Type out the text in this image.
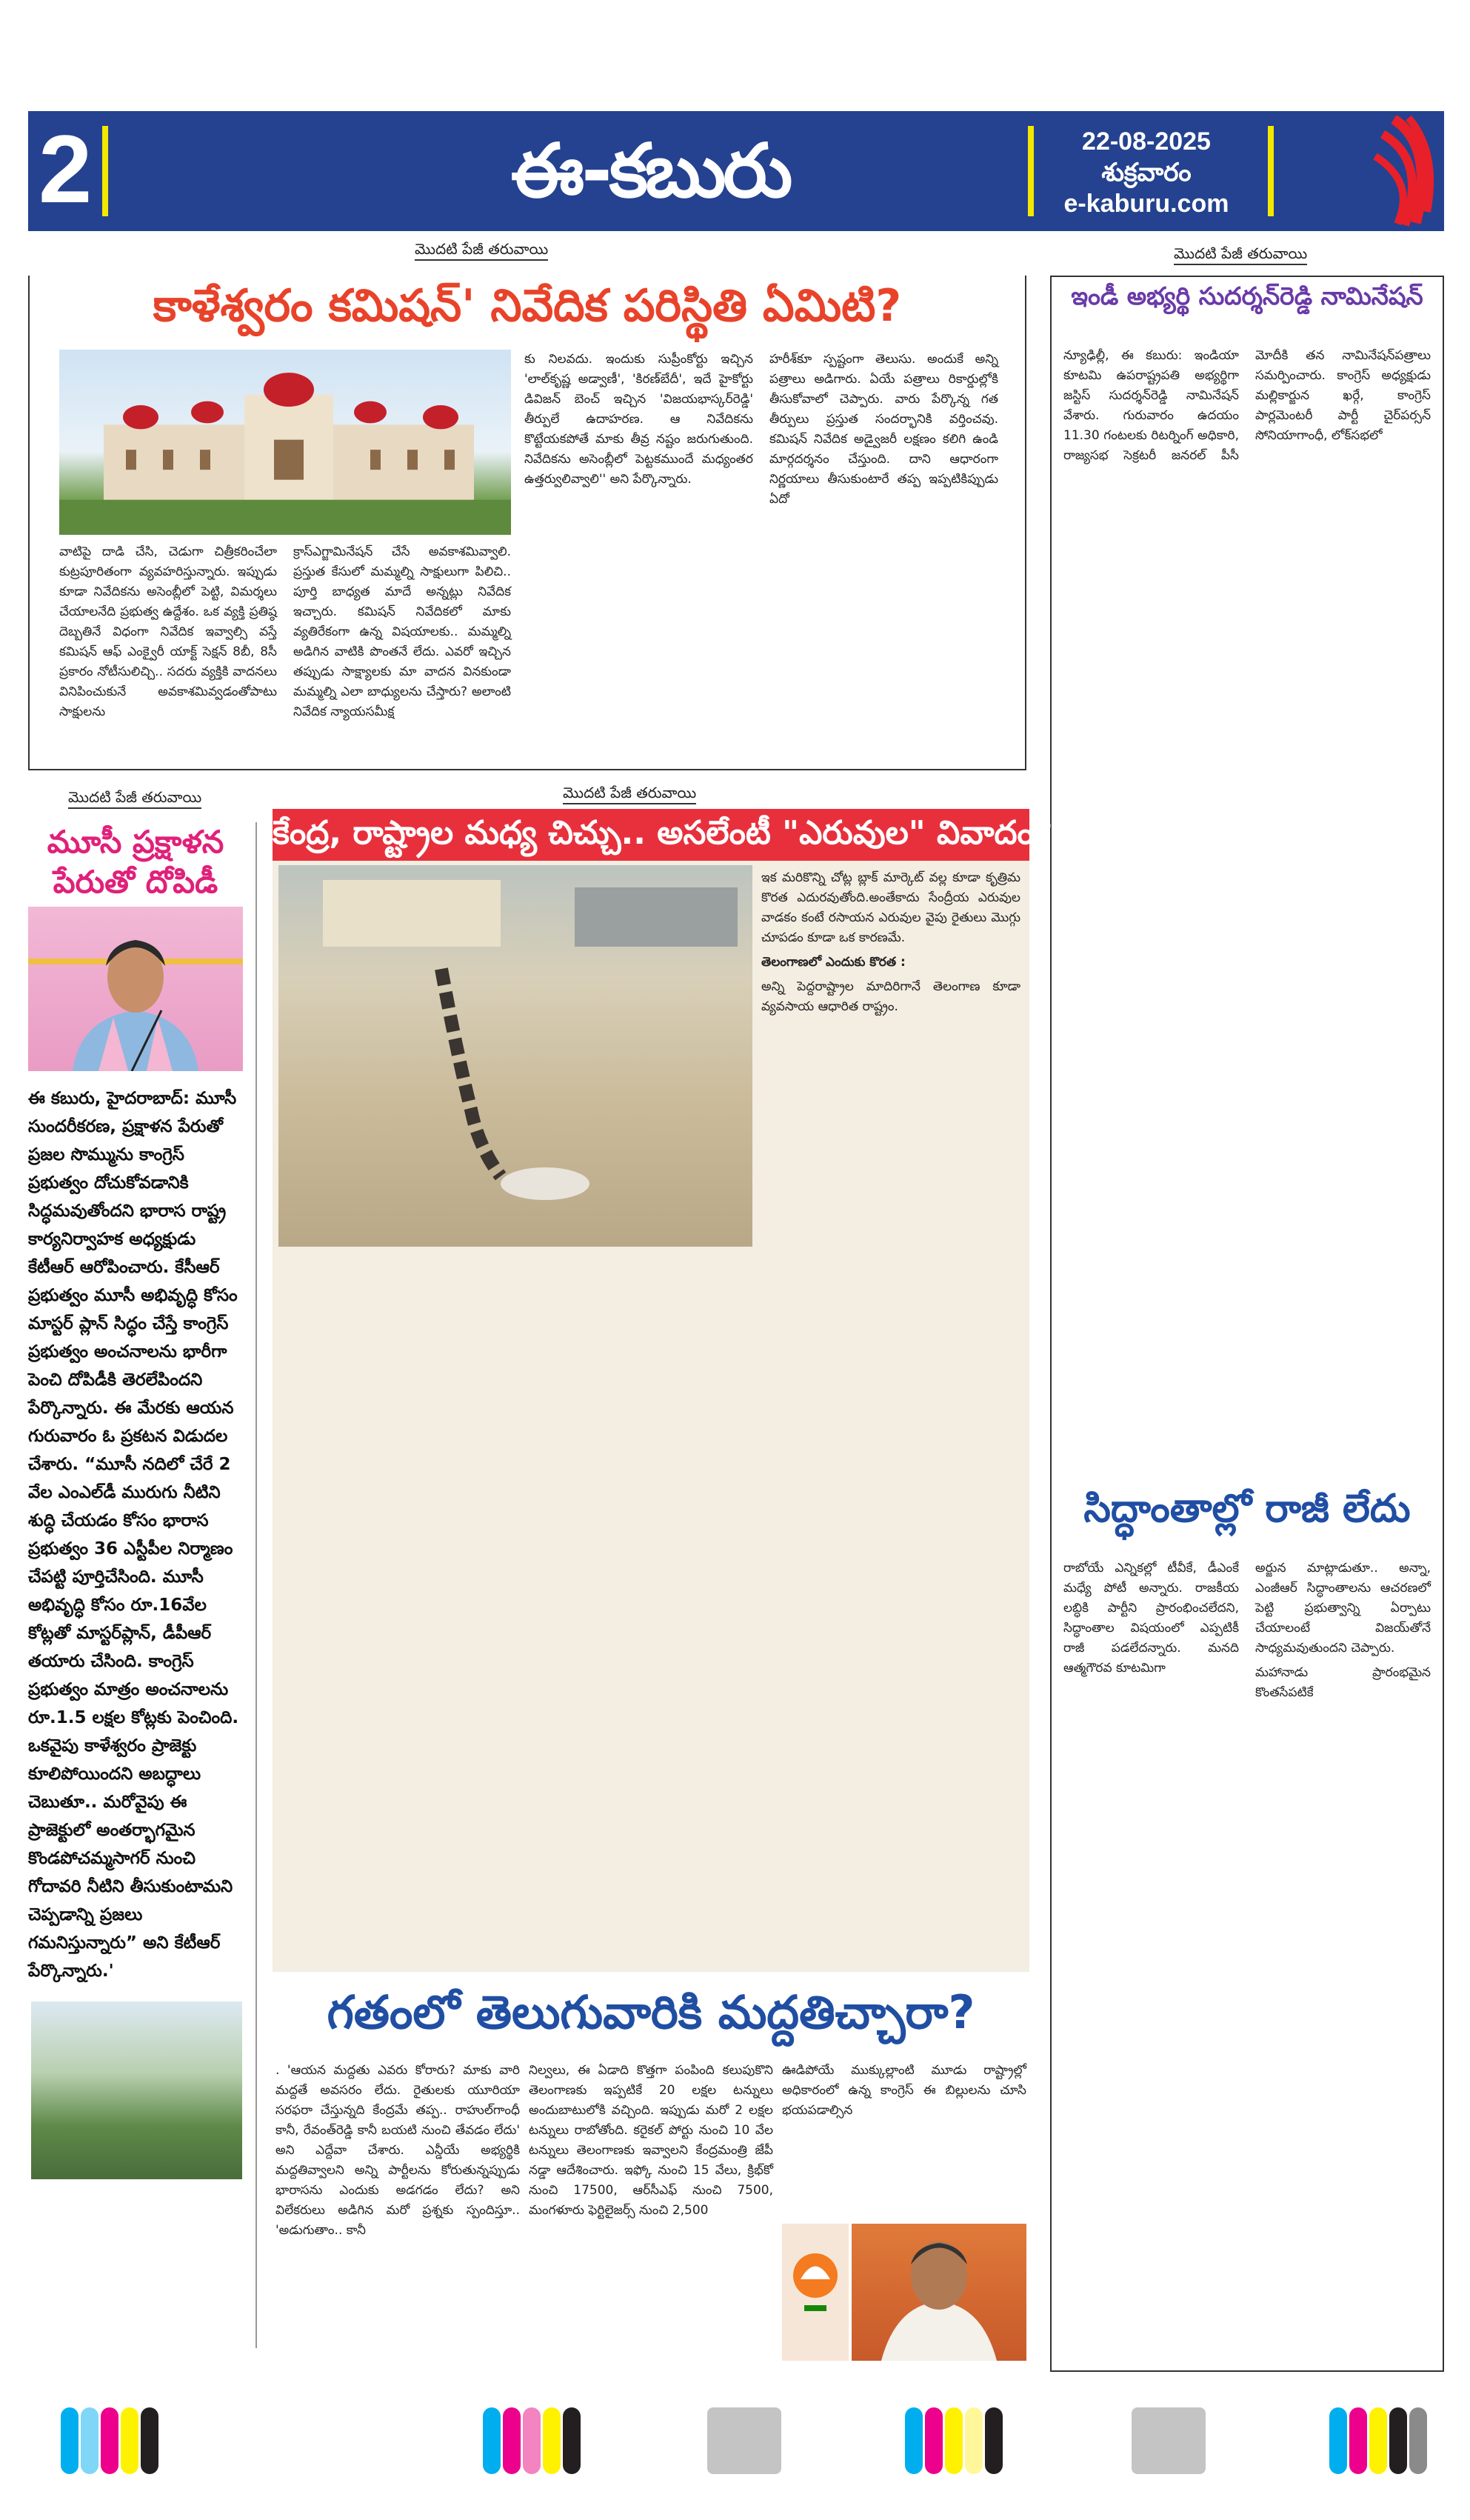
2	ఈ-కబురు	22-08-2025
శుక్రవారం
e-kaburu.com
మొదటి పేజీ తరువాయి	మొదటి పేజీ తరువాయి
కాళేశ్వరం కమిషన్' నివేదిక పరిస్థితి ఏమిటి?

వాటిపై దాడి చేసి, చెడుగా చిత్రీకరించేలా కుట్రపూరితంగా వ్యవహరిస్తున్నారు. ఇప్పుడు కూడా నివేదికను అసెంబ్లీలో పెట్టి, విమర్శలు చేయాలనేది ప్రభుత్వ ఉద్దేశం. ఒక వ్యక్తి ప్రతిష్ఠ దెబ్బతినే విధంగా నివేదిక ఇవ్వాల్సి వస్తే కమిషన్ ఆఫ్ ఎంక్వైరీ యాక్ట్ సెక్షన్ 8బీ, 8సీ ప్రకారం నోటీసులిచ్చి.. సదరు వ్యక్తికి వాదనలు వినిపించుకునే అవకాశమివ్వడంతోపాటు సాక్షులను

క్రాస్‌ఎగ్జామినేషన్ చేసే అవకాశమివ్వాలి. ప్రస్తుత కేసులో మమ్మల్ని సాక్షులుగా పిలిచి.. పూర్తి బాధ్యత మాదే అన్నట్లు నివేదిక ఇచ్చారు. కమిషన్ నివేదికలో మాకు వ్యతిరేకంగా ఉన్న విషయాలకు.. మమ్మల్ని అడిగిన వాటికి పొంతనే లేదు. ఎవరో ఇచ్చిన తప్పుడు సాక్ష్యాలకు మా వాదన వినకుండా మమ్మల్ని ఎలా బాధ్యులను చేస్తారు? అలాంటి నివేదిక న్యాయసమీక్ష

కు నిలవదు. ఇందుకు సుప్రీంకోర్టు ఇచ్చిన 'లాల్‌కృష్ణ అడ్వాణీ', 'కిరణ్‌బేదీ', ఇదే హైకోర్టు డివిజన్ బెంచ్ ఇచ్చిన 'విజయభాస్కర్‌రెడ్డి' తీర్పులే ఉదాహరణ. ఆ నివేదికను కొట్టేయకపోతే మాకు తీవ్ర నష్టం జరుగుతుంది. నివేదికను అసెంబ్లీలో పెట్టకముందే మధ్యంతర ఉత్తర్వులివ్వాలి'' అని పేర్కొన్నారు.

హరీశ్‌కూ స్పష్టంగా తెలుసు. అందుకే అన్ని పత్రాలు అడిగారు. ఏయే పత్రాలు రికార్డుల్లోకి తీసుకోవాలో చెప్పారు. వారు పేర్కొన్న గత తీర్పులు ప్రస్తుత సందర్భానికి వర్తించవు. కమిషన్ నివేదిక అడ్వైజరీ లక్షణం కలిగి ఉండి మార్గదర్శనం చేస్తుంది. దాని ఆధారంగా నిర్ణయాలు తీసుకుంటారే తప్ప ఇప్పటికిప్పుడు ఏదో

ఇండీ అభ్యర్థి సుదర్శన్‌రెడ్డి నామినేషన్

న్యూఢిల్లీ, ఈ కబురు: ఇండియా కూటమి ఉపరాష్ట్రపతి అభ్యర్థిగా జస్టిస్ సుదర్శన్‌రెడ్డి నామినేషన్ వేశారు. గురువారం ఉదయం 11.30 గంటలకు రిటర్నింగ్ అధికారి, రాజ్యసభ సెక్రటరీ జనరల్ పీసీ మోదీకి తన నామినేషన్‌పత్రాలు సమర్పించారు. కాంగ్రెస్ అధ్యక్షుడు మల్లికార్జున ఖర్గే, కాంగ్రెస్ పార్లమెంటరీ పార్టీ చైర్‌పర్సన్ సోనియాగాంధీ, లోక్‌సభలో

సిద్ధాంతాల్లో రాజీ లేదు

రాబోయే ఎన్నికల్లో టీవీకే, డీఎంకే మధ్యే పోటీ అన్నారు. రాజకీయ లబ్ధికి పార్టీని ప్రారంభించలేదని, సిద్ధాంతాల విషయంలో ఎప్పటికీ రాజీ పడలేదన్నారు. మనది ఆత్మగౌరవ కూటమిగా

అర్జున మాట్లాడుతూ.. అన్నా, ఎంజీఆర్ సిద్ధాంతాలను ఆచరణలో పెట్టి ప్రభుత్వాన్ని ఏర్పాటు చేయాలంటే విజయ్‌తోనే సాధ్యమవుతుందని చెప్పారు.

మహానాడు ప్రారంభమైన కొంతసేపటికే

మొదటి పేజీ తరువాయి
మూసీ ప్రక్షాళన
పేరుతో దోపిడీ
ఈ కబురు, హైదరాబాద్: మూసీ సుందరీకరణ, ప్రక్షాళన పేరుతో ప్రజల సొమ్మును కాంగ్రెస్ ప్రభుత్వం దోచుకోవడానికి సిద్ధమవుతోందని భారాస రాష్ట్ర కార్యనిర్వాహక అధ్యక్షుడు కేటీఆర్ ఆరోపించారు. కేసీఆర్ ప్రభుత్వం మూసీ అభివృద్ధి కోసం మాస్టర్ ప్లాన్ సిద్ధం చేస్తే కాంగ్రెస్ ప్రభుత్వం అంచనాలను భారీగా పెంచి దోపిడీకి తెరలేపిందని పేర్కొన్నారు. ఈ మేరకు ఆయన గురువారం ఓ ప్రకటన విడుదల చేశారు. “మూసీ నదిలో చేరే 2 వేల ఎంఎల్‌డీ మురుగు నీటిని శుద్ధి చేయడం కోసం భారాస ప్రభుత్వం 36 ఎస్టీపీల నిర్మాణం చేపట్టి పూర్తిచేసింది. మూసీ అభివృద్ధి కోసం రూ.16వేల కోట్లతో మాస్టర్‌ప్లాన్, డీపీఆర్ తయారు చేసింది. కాంగ్రెస్ ప్రభుత్వం మాత్రం అంచనాలను రూ.1.5 లక్షల కోట్లకు పెంచింది. ఒకవైపు కాళేశ్వరం ప్రాజెక్టు కూలిపోయిందని అబద్ధాలు చెబుతూ.. మరోవైపు ఈ ప్రాజెక్టులో అంతర్భాగమైన కొండపోచమ్మసాగర్ నుంచి గోదావరి నీటిని తీసుకుంటామని చెప్పడాన్ని ప్రజలు గమనిస్తున్నారు” అని కేటీఆర్ పేర్కొన్నారు.'
మొదటి పేజీ తరువాయి
కేంద్ర, రాష్ట్రాల మధ్య చిచ్చు.. అసలేంటీ "ఎరువుల" వివాదం?

ఇక మరికొన్ని చోట్ల బ్లాక్ మార్కెట్ వల్ల కూడా కృత్రిమ కొరత ఎదురవుతోంది.అంతేకాదు సేంద్రీయ ఎరువుల వాడకం కంటే రసాయన ఎరువుల వైపు రైతులు మొగ్గు చూపడం కూడా ఒక కారణమే.

తెలంగాణలో ఎందుకు కొరత :

అన్ని పెద్దరాష్ట్రాల మాదిరిగానే తెలంగాణ కూడా వ్యవసాయ ఆధారిత రాష్ట్రం.

గతంలో తెలుగువారికి మద్దతిచ్చారా?

. 'ఆయన మద్దతు ఎవరు కోరారు? మాకు వారి మద్దతే అవసరం లేదు. రైతులకు యూరియా సరఫరా చేస్తున్నది కేంద్రమే తప్ప.. రాహుల్‌గాంధీ కానీ, రేవంత్‌రెడ్డి కానీ బయటి నుంచి తేవడం లేదు' అని ఎద్దేవా చేశారు. ఎన్డీయే అభ్యర్థికి మద్దతివ్వాలని అన్ని పార్టీలను కోరుతున్నప్పుడు భారాసను ఎందుకు అడగడం లేదు? అని విలేకరులు అడిగిన మరో ప్రశ్నకు స్పందిస్తూ.. 'అడుగుతాం.. కానీ

నిల్వలు, ఈ ఏడాది కొత్తగా పంపింది కలుపుకొని తెలంగాణకు ఇప్పటికే 20 లక్షల టన్నులు అందుబాటులోకి వచ్చింది. ఇప్పుడు మరో 2 లక్షల టన్నులు రాబోతోంది. కరైకల్ పోర్టు నుంచి 10 వేల టన్నులు తెలంగాణకు ఇవ్వాలని కేంద్రమంత్రి జేపీ నడ్డా ఆదేశించారు. ఇఫ్కో నుంచి 15 వేలు, క్రిభ్‌కో నుంచి 17500, ఆర్‌సీఎఫ్ నుంచి 7500, మంగళూరు ఫెర్టిలైజర్స్ నుంచి 2,500

ఊడిపోయే ముక్కుల్లాంటి మూడు రాష్ట్రాల్లో అధికారంలో ఉన్న కాంగ్రెస్ ఈ బిల్లులను చూసి భయపడాల్సిన
